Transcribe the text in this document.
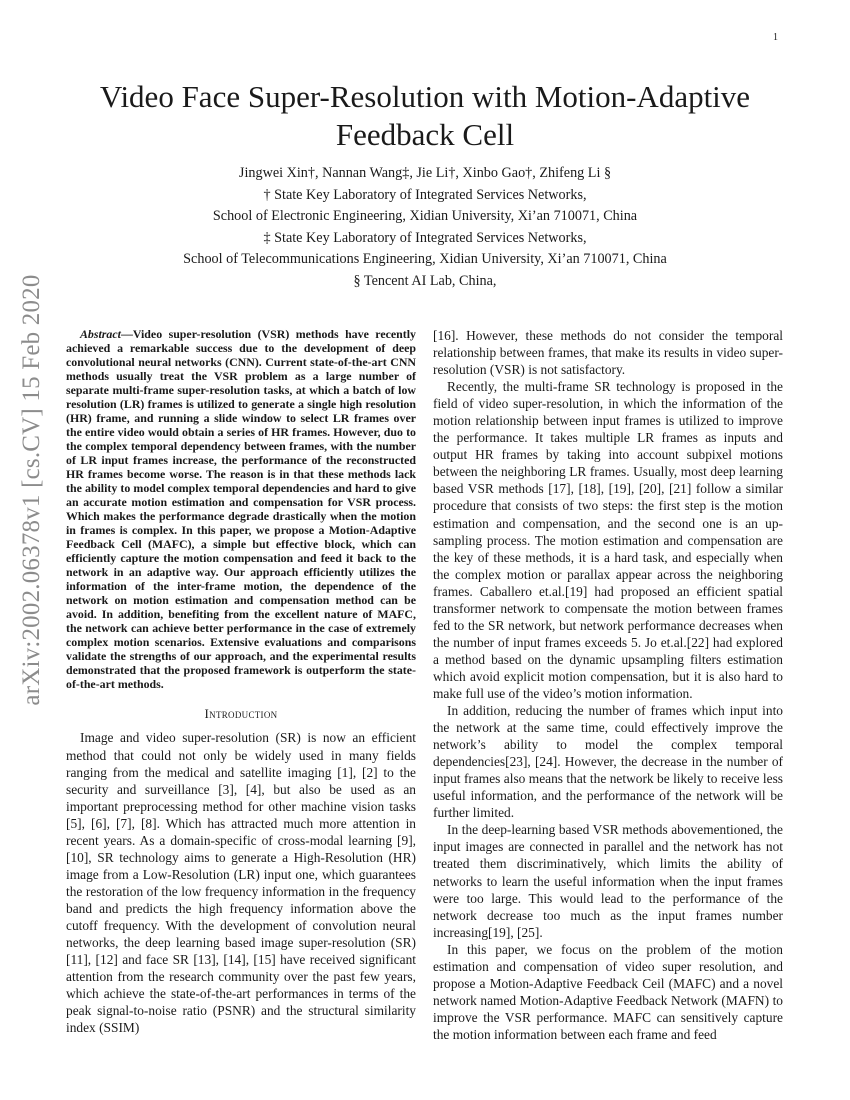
1
arXiv:2002.06378v1 [cs.CV] 15 Feb 2020
Video Face Super-Resolution with Motion-Adaptive Feedback Cell
Jingwei Xin†, Nannan Wang‡, Jie Li†, Xinbo Gao†, Zhifeng Li §
† State Key Laboratory of Integrated Services Networks,
School of Electronic Engineering, Xidian University, Xi’an 710071, China
‡ State Key Laboratory of Integrated Services Networks,
School of Telecommunications Engineering, Xidian University, Xi’an 710071, China
§ Tencent AI Lab, China,
Abstract—Video super-resolution (VSR) methods have recently achieved a remarkable success due to the development of deep convolutional neural networks (CNN). Current state-of-the-art CNN methods usually treat the VSR problem as a large number of separate multi-frame super-resolution tasks, at which a batch of low resolution (LR) frames is utilized to generate a single high resolution (HR) frame, and running a slide window to select LR frames over the entire video would obtain a series of HR frames. However, duo to the complex temporal dependency between frames, with the number of LR input frames increase, the performance of the reconstructed HR frames become worse. The reason is in that these methods lack the ability to model complex temporal dependencies and hard to give an accurate motion estimation and compensation for VSR process. Which makes the performance degrade drastically when the motion in frames is complex. In this paper, we propose a Motion-Adaptive Feedback Cell (MAFC), a simple but effective block, which can efficiently capture the motion compensation and feed it back to the network in an adaptive way. Our approach efficiently utilizes the information of the inter-frame motion, the dependence of the network on motion estimation and compensation method can be avoid. In addition, benefiting from the excellent nature of MAFC, the network can achieve better performance in the case of extremely complex motion scenarios. Extensive evaluations and comparisons validate the strengths of our approach, and the experimental results demonstrated that the proposed framework is outperform the state-of-the-art methods.
Introduction

Image and video super-resolution (SR) is now an efficient method that could not only be widely used in many fields ranging from the medical and satellite imaging [1], [2] to the security and surveillance [3], [4], but also be used as an important preprocessing method for other machine vision tasks [5], [6], [7], [8]. Which has attracted much more attention in recent years. As a domain-specific of cross-modal learning [9], [10], SR technology aims to generate a High-Resolution (HR) image from a Low-Resolution (LR) input one, which guarantees the restoration of the low frequency information in the frequency band and predicts the high frequency information above the cutoff frequency. With the development of convolution neural networks, the deep learning based image super-resolution (SR) [11], [12] and face SR [13], [14], [15] have received significant attention from the research community over the past few years, which achieve the state-of-the-art performances in terms of the peak signal-to-noise ratio (PSNR) and the structural similarity index (SSIM)

[16]. However, these methods do not consider the temporal relationship between frames, that make its results in video super-resolution (VSR) is not satisfactory.

Recently, the multi-frame SR technology is proposed in the field of video super-resolution, in which the information of the motion relationship between input frames is utilized to improve the performance. It takes multiple LR frames as inputs and output HR frames by taking into account subpixel motions between the neighboring LR frames. Usually, most deep learning based VSR methods [17], [18], [19], [20], [21] follow a similar procedure that consists of two steps: the first step is the motion estimation and compensation, and the second one is an up-sampling process. The motion estimation and compensation are the key of these methods, it is a hard task, and especially when the complex motion or parallax appear across the neighboring frames. Caballero et.al.[19] had proposed an efficient spatial transformer network to compensate the motion between frames fed to the SR network, but network performance decreases when the number of input frames exceeds 5. Jo et.al.[22] had explored a method based on the dynamic upsampling filters estimation which avoid explicit motion compensation, but it is also hard to make full use of the video’s motion information.

In addition, reducing the number of frames which input into the network at the same time, could effectively improve the network’s ability to model the complex temporal dependencies[23], [24]. However, the decrease in the number of input frames also means that the network be likely to receive less useful information, and the performance of the network will be further limited.

In the deep-learning based VSR methods abovementioned, the input images are connected in parallel and the network has not treated them discriminatively, which limits the ability of networks to learn the useful information when the input frames were too large. This would lead to the performance of the network decrease too much as the input frames number increasing[19], [25].

In this paper, we focus on the problem of the motion estimation and compensation of video super resolution, and propose a Motion-Adaptive Feedback Ceil (MAFC) and a novel network named Motion-Adaptive Feedback Network (MAFN) to improve the VSR performance. MAFC can sensitively capture the motion information between each frame and feed
